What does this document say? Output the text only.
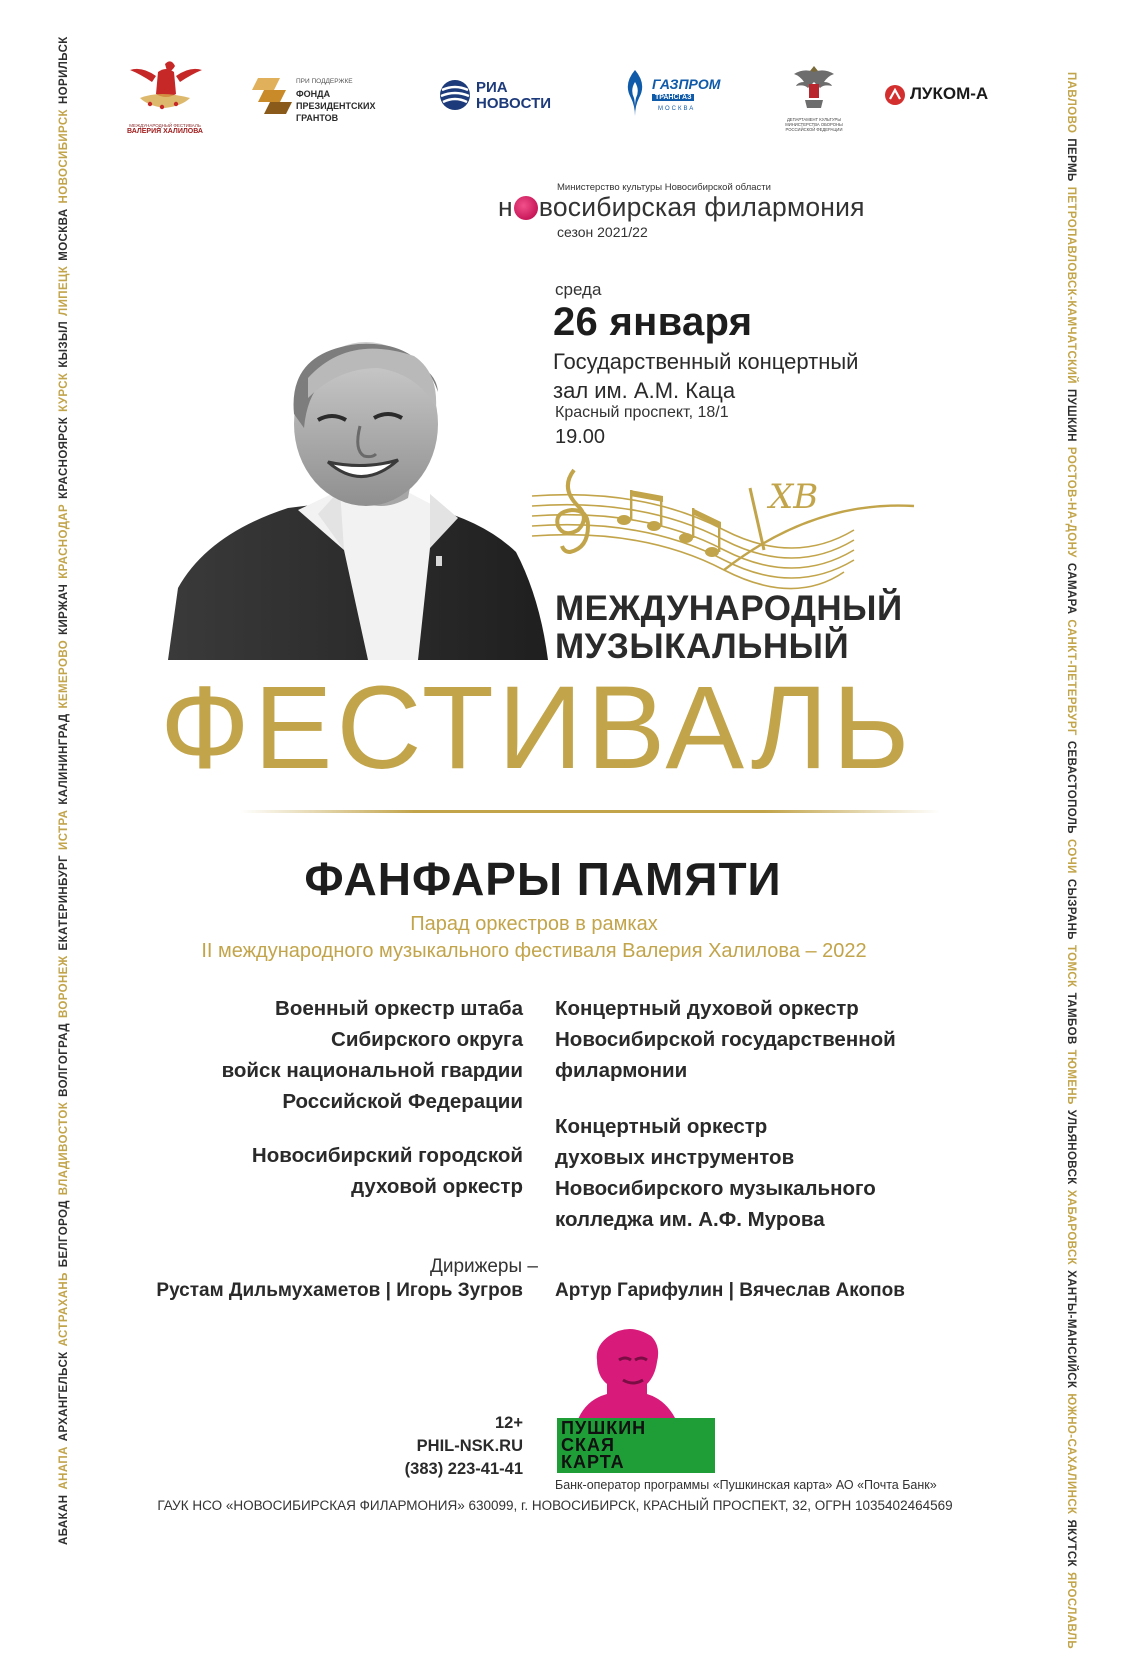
АБАКАНАНАПААРХАНГЕЛЬСКАСТРАХАНЬБЕЛГОРОДВЛАДИВОСТОКВОЛГОГРАДВОРОНЕЖЕКАТЕРИНБУРГИСТРАКАЛИНИНГРАДКЕМЕРОВОКИРЖАЧКРАСНОДАРКРАСНОЯРСККУРСККЫЗЫЛЛИПЕЦКМОСКВАНОВОСИБИРСКНОРИЛЬСК	ПАВЛОВОПЕРМЬПЕТРОПАВЛОВСК-КАМЧАТСКИЙПУШКИНРОСТОВ-НА-ДОНУСАМАРАСАНКТ-ПЕТЕРБУРГСЕВАСТОПОЛЬСОЧИСЫЗРАНЬТОМСКТАМБОВТЮМЕНЬУЛЬЯНОВСКХАБАРОВСКХАНТЫ-МАНСИЙСКЮЖНО-САХАЛИНСКЯКУТСКЯРОСЛАВЛЬ
МЕЖДУНАРОДНЫЙ ФЕСТИВАЛЬ
ВАЛЕРИЯ ХАЛИЛОВА
ПРИ ПОДДЕРЖКЕ
ФОНДА
ПРЕЗИДЕНТСКИХ
ГРАНТОВ
РИА
НОВОСТИ
ГАЗПРОМ
ТРАНСГАЗ
МОСКВА
ДЕПАРТАМЕНТ КУЛЬТУРЫ
МИНИСТЕРСТВА ОБОРОНЫ
РОССИЙСКОЙ ФЕДЕРАЦИИ
ЛУКОМ-А
Министерство культуры Новосибирской области
н восибирская филармония
сезон 2021/22
среда
26 января
Государственный концертный
зал им. А.М. Каца
Красный проспект, 18/1
19.00
ХВ
МЕЖДУНАРОДНЫЙ
МУЗЫКАЛЬНЫЙ
ФЕСТИВАЛЬ
ФАНФАРЫ ПАМЯТИ
Парад оркестров в рамках
II международного музыкального фестиваля Валерия Халилова – 2022
Военный оркестр штаба
Сибирского округа
войск национальной гвардии
Российской Федерации
Новосибирский городской
духовой оркестр
Концертный духовой оркестр
Новосибирской государственной
филармонии
Концертный оркестр
духовых инструментов
Новосибирского музыкального
колледжа им. А.Ф. Мурова
Дирижеры –
Рустам Дильмухаметов | Игорь Зугров Артур Гарифулин | Вячеслав Акопов
12+
PHIL-NSK.RU
(383) 223-41-41
ПУШКИН
СКАЯ
КАРТА
Банк-оператор программы «Пушкинская карта» АО «Почта Банк»
ГАУК НСО «НОВОСИБИРСКАЯ ФИЛАРМОНИЯ» 630099, г. НОВОСИБИРСК, КРАСНЫЙ ПРОСПЕКТ, 32, ОГРН 1035402464569
